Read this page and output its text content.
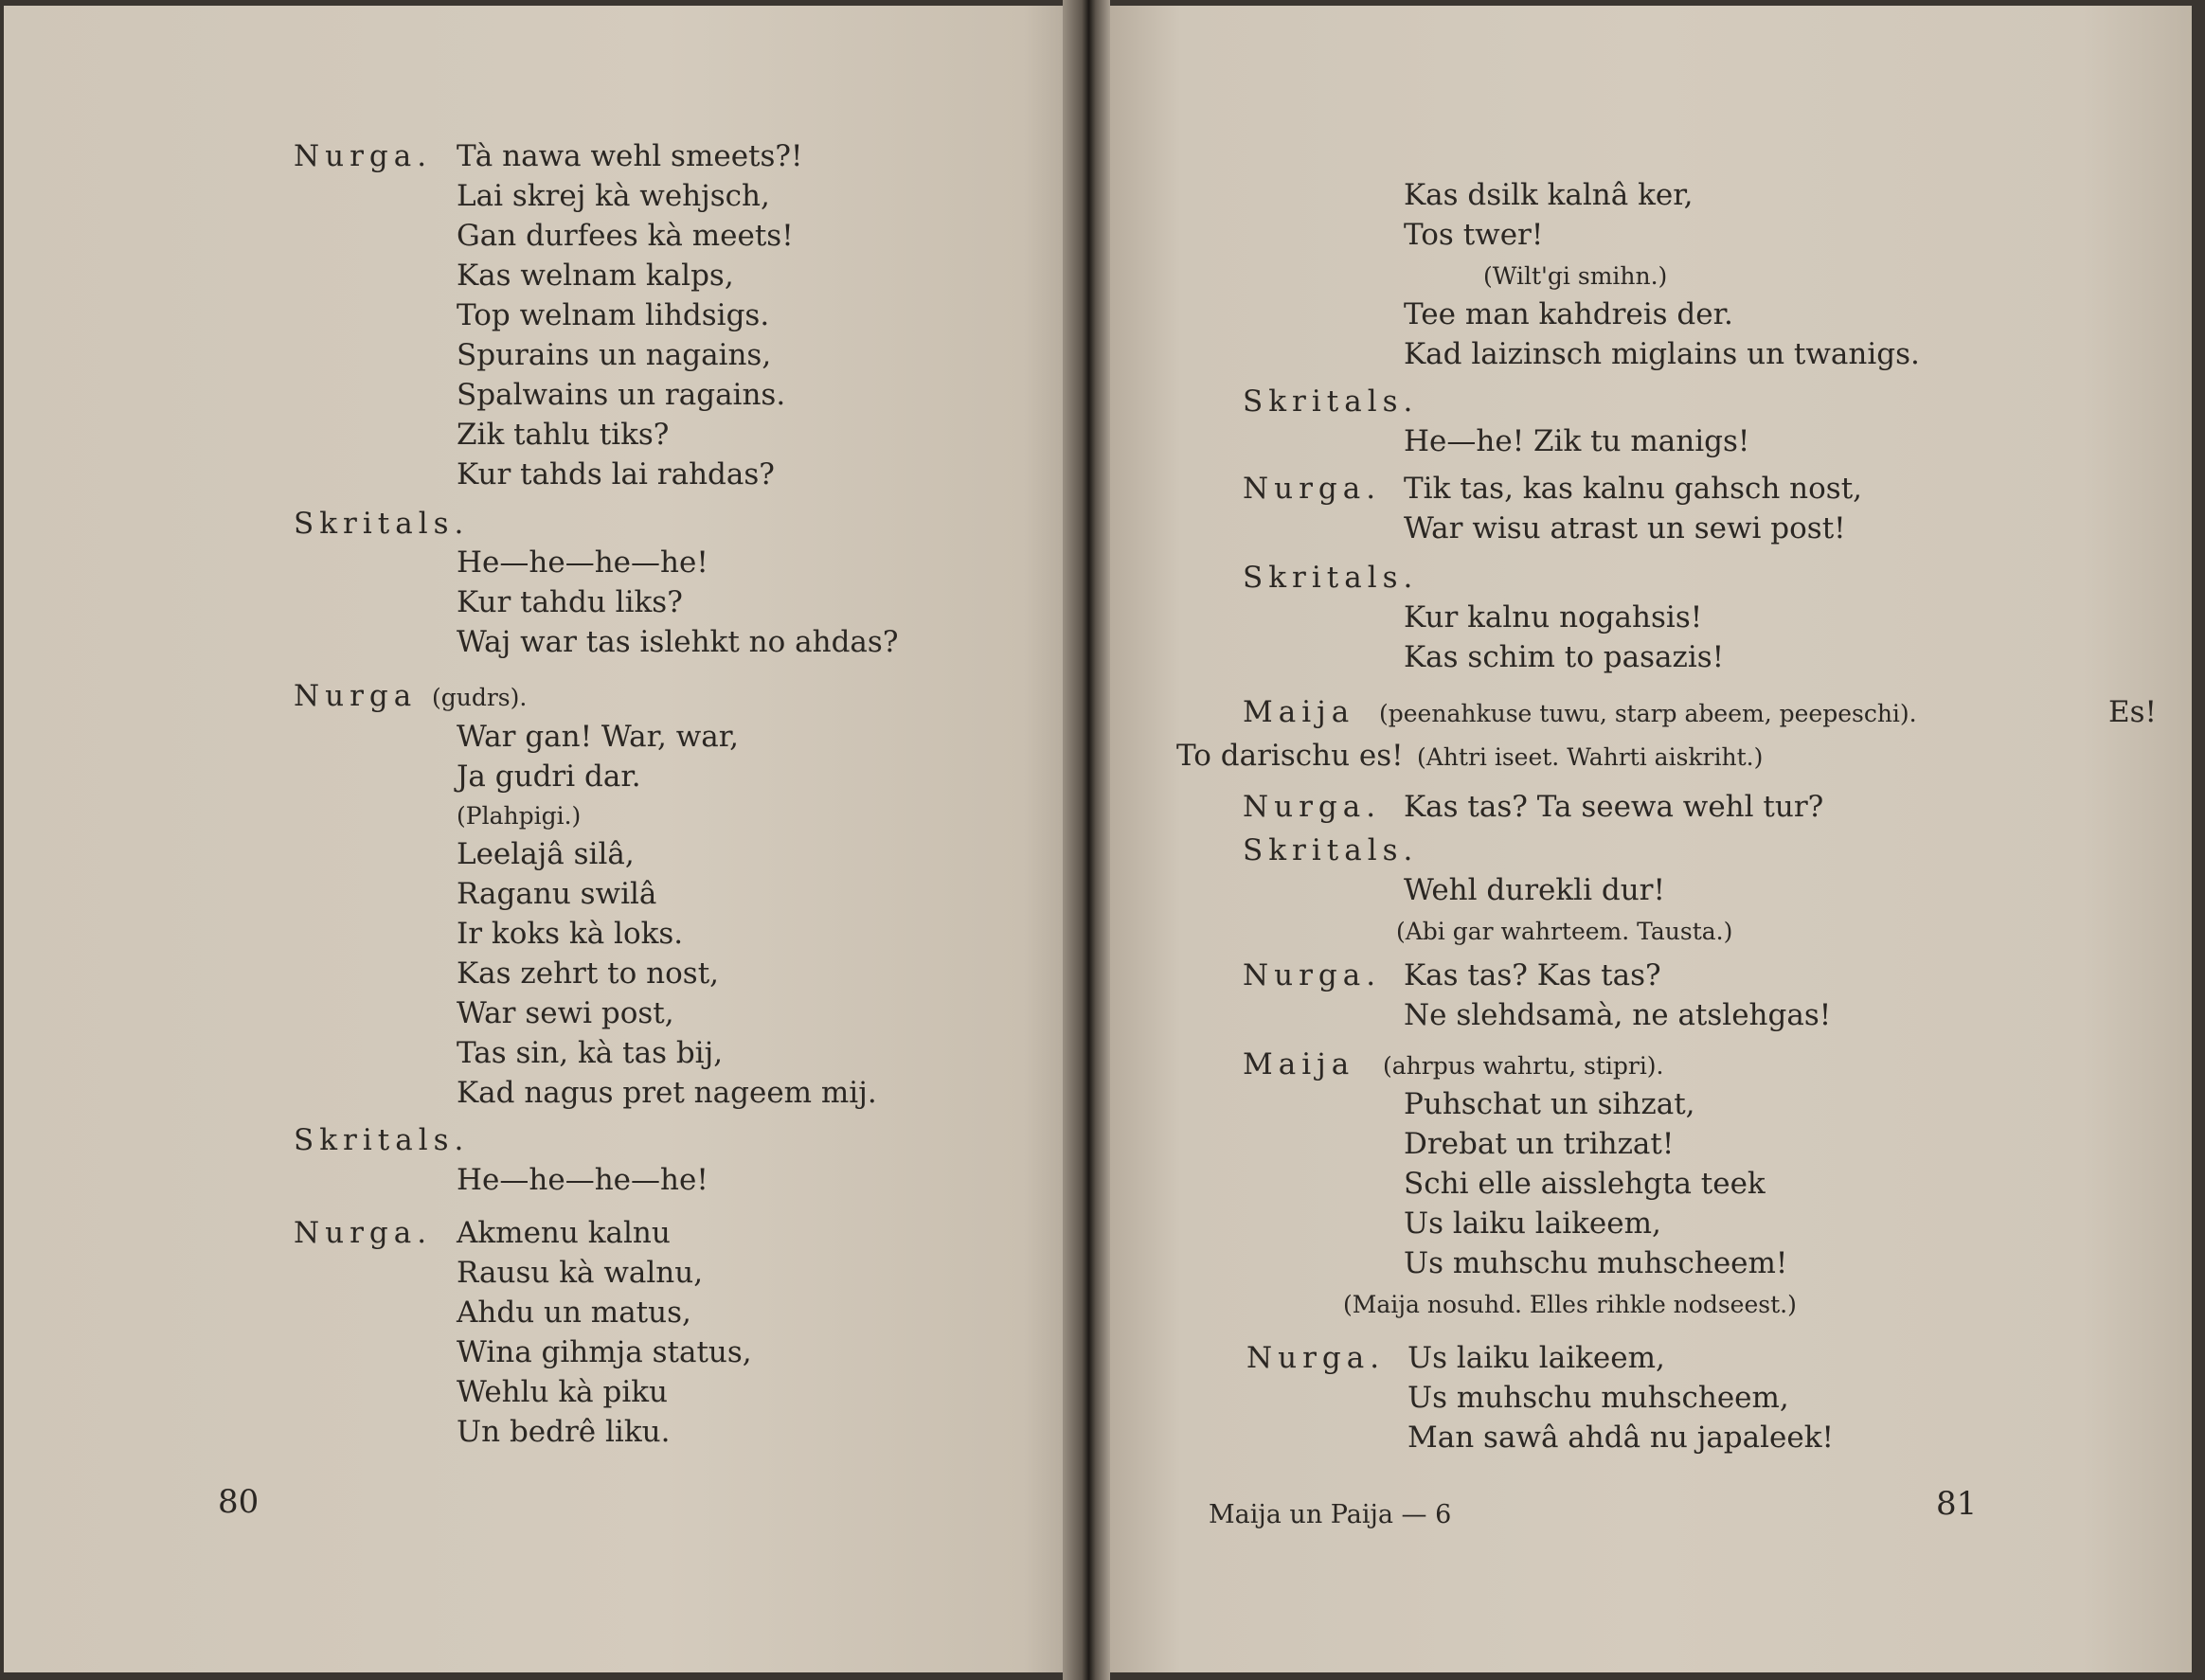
Nurga. Tà nawa wehl smeets?!
Lai skrej kà wehjsch,
Gan durfees kà meets!
Kas welnam kalps,
Top welnam lihdsigs.
Spurains un nagains,
Spalwains un ragains.
Zik tahlu tiks?
Kur tahds lai rahdas?
Skritals.
He—he—he—he!
Kur tahdu liks?
Waj war tas islehkt no ahdas?
Nurga (gudrs).
War gan! War, war,
Ja gudri dar.
(Plahpigi.)
Leelajâ silâ,
Raganu swilâ
Ir koks kà loks.
Kas zehrt to nost,
War sewi post,
Tas sin, kà tas bij,
Kad nagus pret nageem mij.
Skritals.
He—he—he—he!
Nurga. Akmenu kalnu
Rausu kà walnu,
Ahdu un matus,
Wina gihmja status,
Wehlu kà piku
Un bedrê liku.
80
Kas dsilk kalnâ ker,
Tos twer!
(Wilt'gi smihn.)
Tee man kahdreis der.
Kad laizinsch miglains un twanigs.
Skritals.
He—he! Zik tu manigs!
Nurga. Tik tas, kas kalnu gahsch nost,
War wisu atrast un sewi post!
Skritals.
Kur kalnu nogahsis!
Kas schim to pasazis!
Maija (peenahkuse tuwu, starp abeem, peepeschi).	Es!
To darischu es! (Ahtri iseet. Wahrti aiskriht.)
Nurga. Kas tas? Ta seewa wehl tur?
Skritals.
Wehl durekli dur!
(Abi gar wahrteem. Tausta.)
Nurga. Kas tas? Kas tas?
Ne slehdsamà, ne atslehgas!
Maija (ahrpus wahrtu, stipri).
Puhschat un sihzat,
Drebat un trihzat!
Schi elle aisslehgta teek
Us laiku laikeem,
Us muhschu muhscheem!
(Maija nosuhd. Elles rihkle nodseest.)
Nurga. Us laiku laikeem,
Us muhschu muhscheem,
Man sawâ ahdâ nu japaleek!
Maija un Paija — 6	81
